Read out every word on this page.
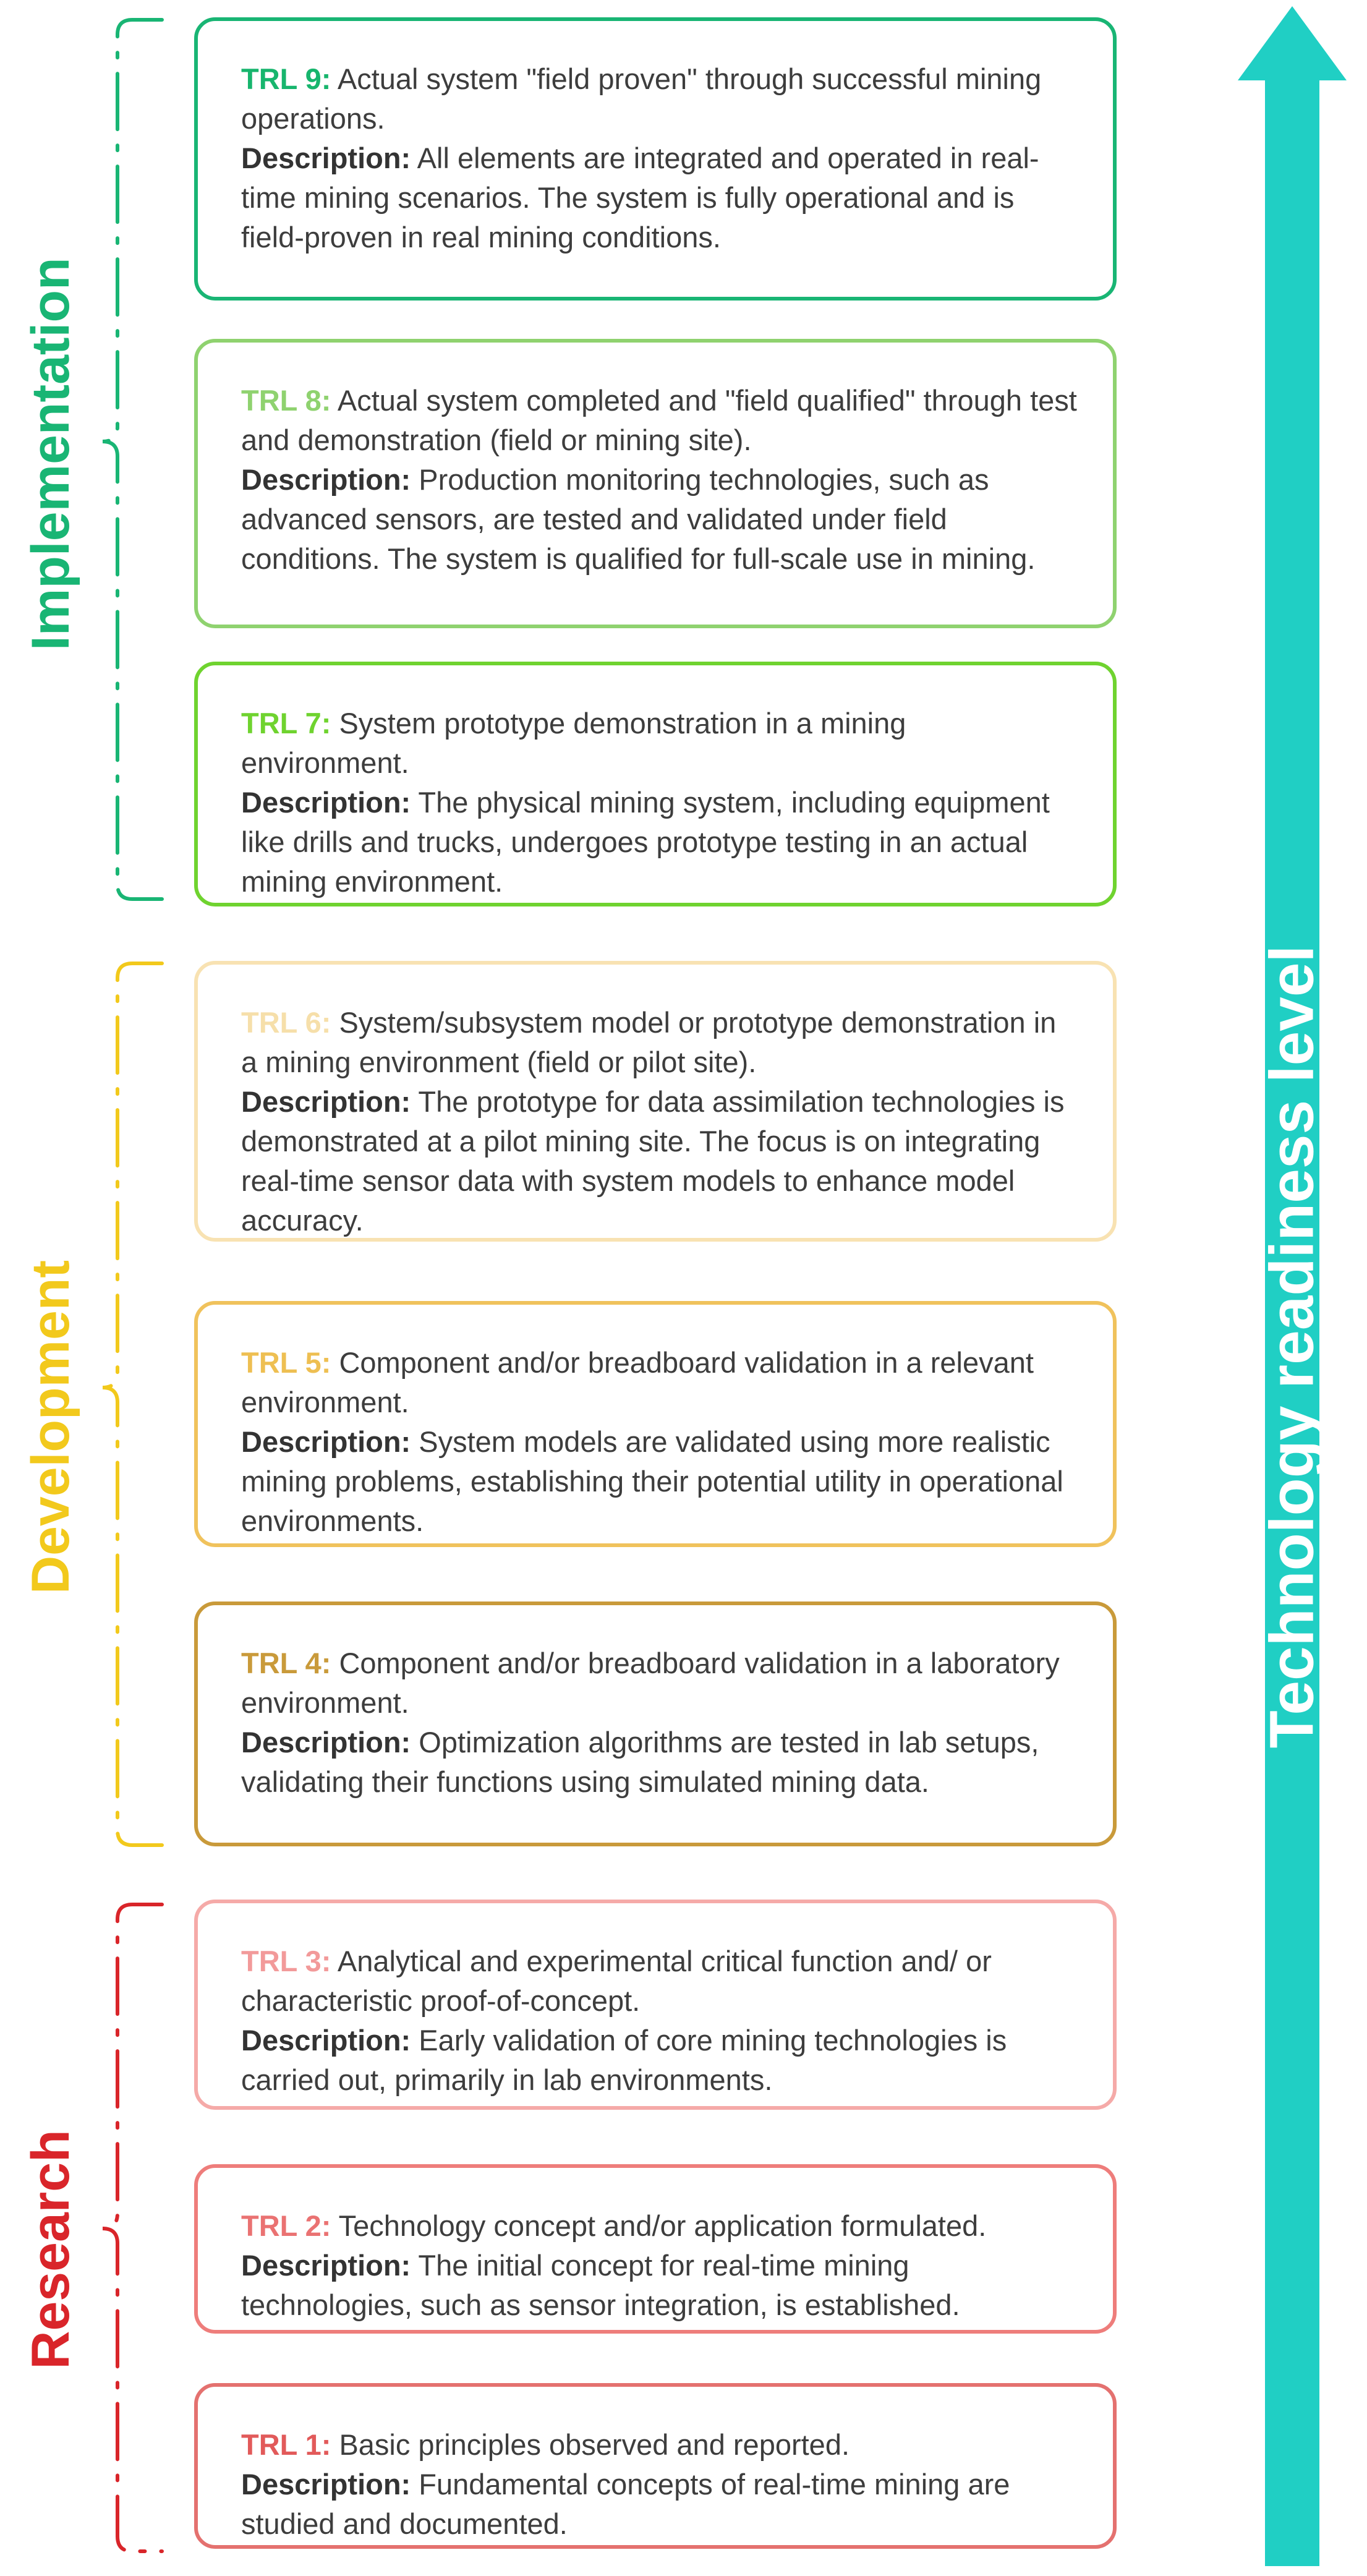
Technology readiness level
Implementation
Development
Research

TRL 9: Actual system "field proven" through successful mining operations.

Description: All elements are integrated and operated in real-time mining scenarios. The system is fully operational and is field-proven in real mining conditions.

TRL 8: Actual system completed and "field qualified" through test and demonstration (field or mining site).

Description: Production monitoring technologies, such as advanced sensors, are tested and validated under field conditions. The system is qualified for full-scale use in mining.

TRL 7: System prototype demonstration in a mining environment.

Description: The physical mining system, including equipment like drills and trucks, undergoes prototype testing in an actual mining environment.

TRL 6: System/subsystem model or prototype demonstration in a mining environment (field or pilot site).

Description: The prototype for data assimilation technologies is demonstrated at a pilot mining site. The focus is on integrating real-time sensor data with system models to enhance model accuracy.

TRL 5: Component and/or breadboard validation in a relevant environment.

Description: System models are validated using more realistic mining problems, establishing their potential utility in operational environments.

TRL 4: Component and/or breadboard validation in a laboratory environment.

Description: Optimization algorithms are tested in lab setups, validating their functions using simulated mining data.

TRL 3: Analytical and experimental critical function and/ or characteristic proof-of-concept.

Description: Early validation of core mining technologies is carried out, primarily in lab environments.

TRL 2: Technology concept and/or application formulated.

Description: The initial concept for real-time mining technologies, such as sensor integration, is established.

TRL 1: Basic principles observed and reported.

Description: Fundamental concepts of real-time mining are studied and documented.
